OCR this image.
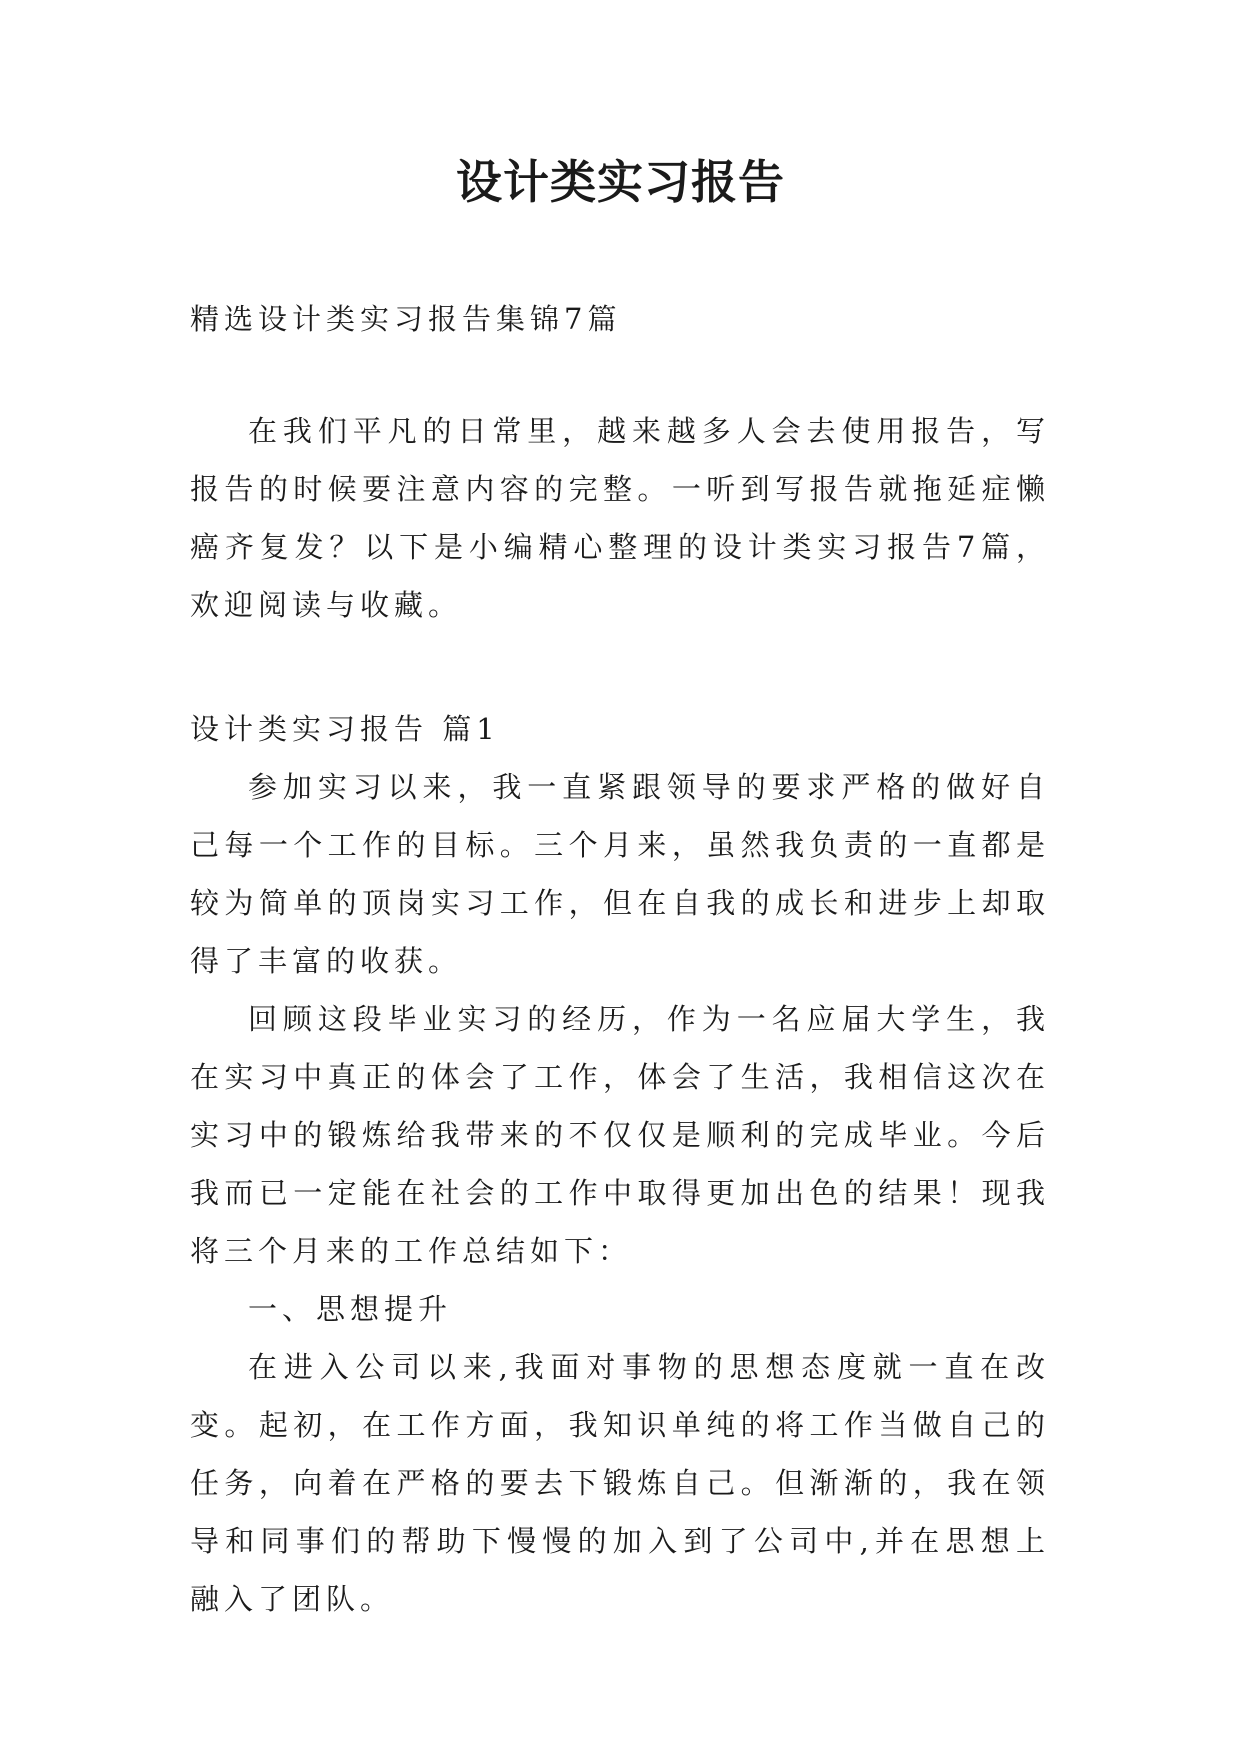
设计类实习报告

精选设计类实习报告集锦7篇

在我们平凡的日常里，越来越多人会去使用报告，写报告的时候要注意内容的完整。一听到写报告就拖延症懒癌齐复发？以下是小编精心整理的设计类实习报告7篇，欢迎阅读与收藏。

设计类实习报告 篇1

参加实习以来，我一直紧跟领导的要求严格的做好自己每一个工作的目标。三个月来，虽然我负责的一直都是较为简单的顶岗实习工作，但在自我的成长和进步上却取得了丰富的收获。

回顾这段毕业实习的经历，作为一名应届大学生，我在实习中真正的体会了工作，体会了生活，我相信这次在实习中的锻炼给我带来的不仅仅是顺利的完成毕业。今后我而已一定能在社会的工作中取得更加出色的结果！现我将三个月来的工作总结如下：

一、思想提升

在进入公司以来,我面对事物的思想态度就一直在改变。起初，在工作方面，我知识单纯的将工作当做自己的任务，向着在严格的要去下锻炼自己。但渐渐的，我在领导和同事们的帮助下慢慢的加入到了公司中,并在思想上融入了团队。
